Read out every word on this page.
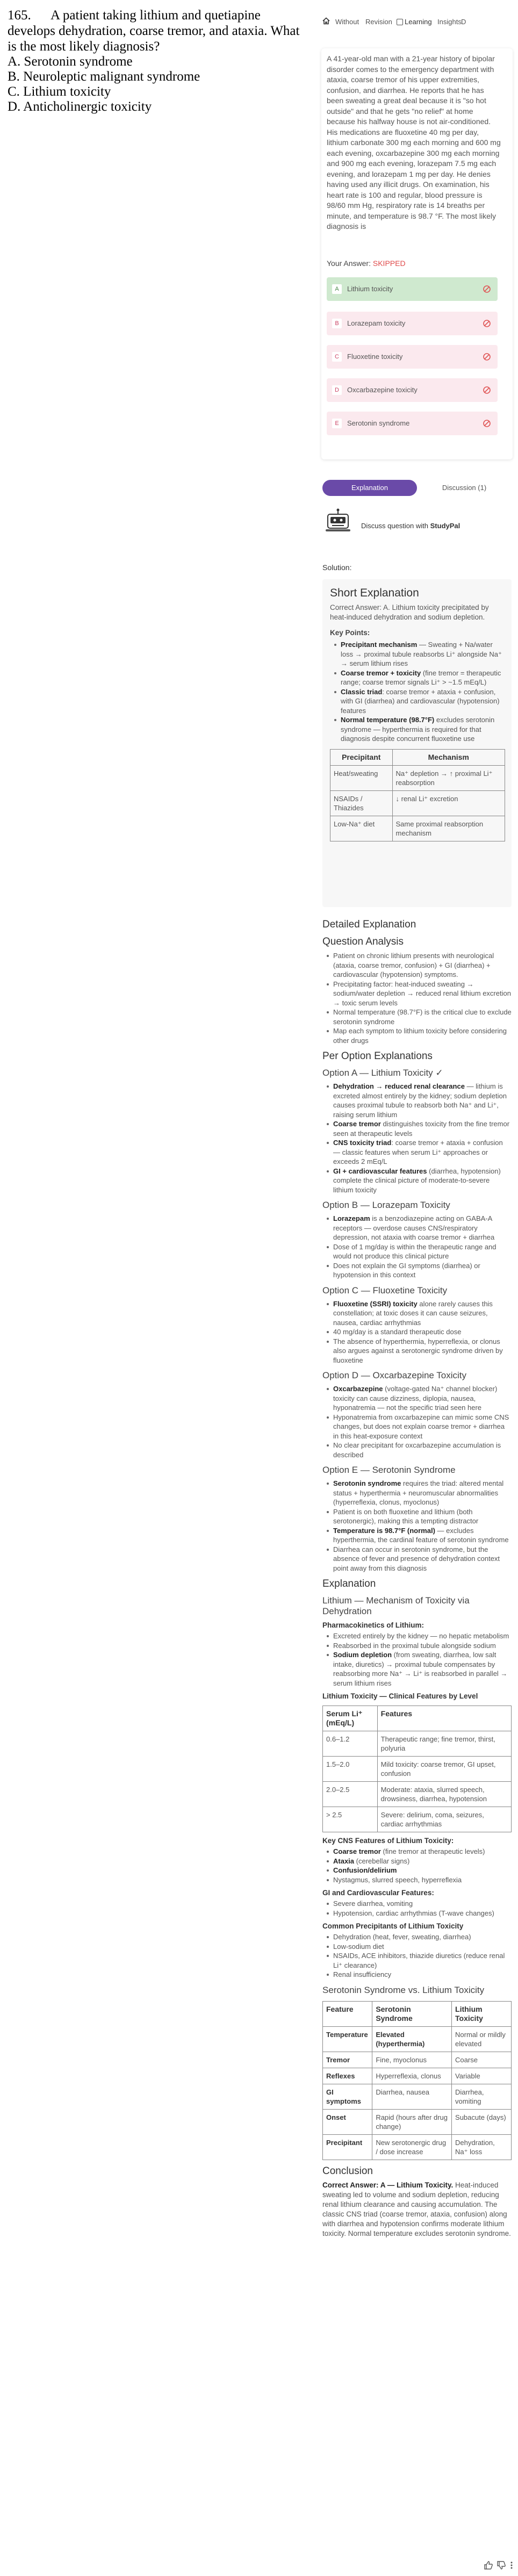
165. A patient taking lithium and quetiapine develops dehydration, coarse tremor, and ataxia. What is the most likely diagnosis?
A. Serotonin syndrome
B. Neuroleptic malignant syndrome
C. Lithium toxicity
D. Anticholinergic toxicity
Without Revision	Learning Insights D
A 41-year-old man with a 21-year history of bipolar disorder comes to the emergency department with ataxia, coarse tremor of his upper extremities, confusion, and diarrhea. He reports that he has been sweating a great deal because it is "so hot outside" and that he gets "no relief" at home because his halfway house is not air-conditioned. His medications are fluoxetine 40 mg per day, lithium carbonate 300 mg each morning and 600 mg each evening, oxcarbazepine 300 mg each morning and 900 mg each evening, lorazepam 7.5 mg each evening, and lorazepam 1 mg per day. He denies having used any illicit drugs. On examination, his heart rate is 100 and regular, blood pressure is 98/60 mm Hg, respiratory rate is 14 breaths per minute, and temperature is 98.7 °F. The most likely diagnosis is
Your Answer: SKIPPED
A	Lithium toxicity
B	Lorazepam toxicity
C	Fluoxetine toxicity
D	Oxcarbazepine toxicity
E	Serotonin syndrome
Explanation	Discussion (1)
Discuss question with StudyPal
Solution:
Short Explanation
Correct Answer: A. Lithium toxicity precipitated by heat-induced dehydration and sodium depletion.
Key Points:
Precipitant mechanism — Sweating + Na/water loss → proximal tubule reabsorbs Li⁺ alongside Na⁺ → serum lithium rises
Coarse tremor + toxicity (fine tremor = therapeutic range; coarse tremor signals Li⁺ > ~1.5 mEq/L)
Classic triad: coarse tremor + ataxia + confusion, with GI (diarrhea) and cardiovascular (hypotension) features
Normal temperature (98.7°F) excludes serotonin syndrome — hyperthermia is required for that diagnosis despite concurrent fluoxetine use
Precipitant	Mechanism
Heat/sweating	Na⁺ depletion → ↑ proximal Li⁺ reabsorption
NSAIDs / Thiazides	↓ renal Li⁺ excretion
Low-Na⁺ diet	Same proximal reabsorption mechanism
Detailed Explanation
Question Analysis
Patient on chronic lithium presents with neurological (ataxia, coarse tremor, confusion) + GI (diarrhea) + cardiovascular (hypotension) symptoms.
Precipitating factor: heat-induced sweating → sodium/water depletion → reduced renal lithium excretion → toxic serum levels
Normal temperature (98.7°F) is the critical clue to exclude serotonin syndrome
Map each symptom to lithium toxicity before considering other drugs
Per Option Explanations
Option A — Lithium Toxicity ✓
Dehydration → reduced renal clearance — lithium is excreted almost entirely by the kidney; sodium depletion causes proximal tubule to reabsorb both Na⁺ and Li⁺, raising serum lithium
Coarse tremor distinguishes toxicity from the fine tremor seen at therapeutic levels
CNS toxicity triad: coarse tremor + ataxia + confusion — classic features when serum Li⁺ approaches or exceeds 2 mEq/L
GI + cardiovascular features (diarrhea, hypotension) complete the clinical picture of moderate-to-severe lithium toxicity
Option B — Lorazepam Toxicity
Lorazepam is a benzodiazepine acting on GABA-A receptors — overdose causes CNS/respiratory depression, not ataxia with coarse tremor + diarrhea
Dose of 1 mg/day is within the therapeutic range and would not produce this clinical picture
Does not explain the GI symptoms (diarrhea) or hypotension in this context
Option C — Fluoxetine Toxicity
Fluoxetine (SSRI) toxicity alone rarely causes this constellation; at toxic doses it can cause seizures, nausea, cardiac arrhythmias
40 mg/day is a standard therapeutic dose
The absence of hyperthermia, hyperreflexia, or clonus also argues against a serotonergic syndrome driven by fluoxetine
Option D — Oxcarbazepine Toxicity
Oxcarbazepine (voltage-gated Na⁺ channel blocker) toxicity can cause dizziness, diplopia, nausea, hyponatremia — not the specific triad seen here
Hyponatremia from oxcarbazepine can mimic some CNS changes, but does not explain coarse tremor + diarrhea in this heat-exposure context
No clear precipitant for oxcarbazepine accumulation is described
Option E — Serotonin Syndrome
Serotonin syndrome requires the triad: altered mental status + hyperthermia + neuromuscular abnormalities (hyperreflexia, clonus, myoclonus)
Patient is on both fluoxetine and lithium (both serotonergic), making this a tempting distractor
Temperature is 98.7°F (normal) — excludes hyperthermia, the cardinal feature of serotonin syndrome
Diarrhea can occur in serotonin syndrome, but the absence of fever and presence of dehydration context point away from this diagnosis
Explanation
Lithium — Mechanism of Toxicity via Dehydration
Pharmacokinetics of Lithium:
Excreted entirely by the kidney — no hepatic metabolism
Reabsorbed in the proximal tubule alongside sodium
Sodium depletion (from sweating, diarrhea, low salt intake, diuretics) → proximal tubule compensates by reabsorbing more Na⁺ → Li⁺ is reabsorbed in parallel → serum lithium rises
Lithium Toxicity — Clinical Features by Level
Serum Li⁺ (mEq/L)	Features
0.6–1.2	Therapeutic range; fine tremor, thirst, polyuria
1.5–2.0	Mild toxicity: coarse tremor, GI upset, confusion
2.0–2.5	Moderate: ataxia, slurred speech, drowsiness, diarrhea, hypotension
> 2.5	Severe: delirium, coma, seizures, cardiac arrhythmias
Key CNS Features of Lithium Toxicity:
Coarse tremor (fine tremor at therapeutic levels)
Ataxia (cerebellar signs)
Confusion/delirium
Nystagmus, slurred speech, hyperreflexia
GI and Cardiovascular Features:
Severe diarrhea, vomiting
Hypotension, cardiac arrhythmias (T-wave changes)
Common Precipitants of Lithium Toxicity
Dehydration (heat, fever, sweating, diarrhea)
Low-sodium diet
NSAIDs, ACE inhibitors, thiazide diuretics (reduce renal Li⁺ clearance)
Renal insufficiency
Serotonin Syndrome vs. Lithium Toxicity
Feature	Serotonin Syndrome	Lithium Toxicity
Temperature	Elevated (hyperthermia)	Normal or mildly elevated
Tremor	Fine, myoclonus	Coarse
Reflexes	Hyperreflexia, clonus	Variable
GI symptoms	Diarrhea, nausea	Diarrhea, vomiting
Onset	Rapid (hours after drug change)	Subacute (days)
Precipitant	New serotonergic drug / dose increase	Dehydration, Na⁺ loss
Conclusion
Correct Answer: A — Lithium Toxicity. Heat-induced sweating led to volume and sodium depletion, reducing renal lithium clearance and causing accumulation. The classic CNS triad (coarse tremor, ataxia, confusion) along with diarrhea and hypotension confirms moderate lithium toxicity. Normal temperature excludes serotonin syndrome.
